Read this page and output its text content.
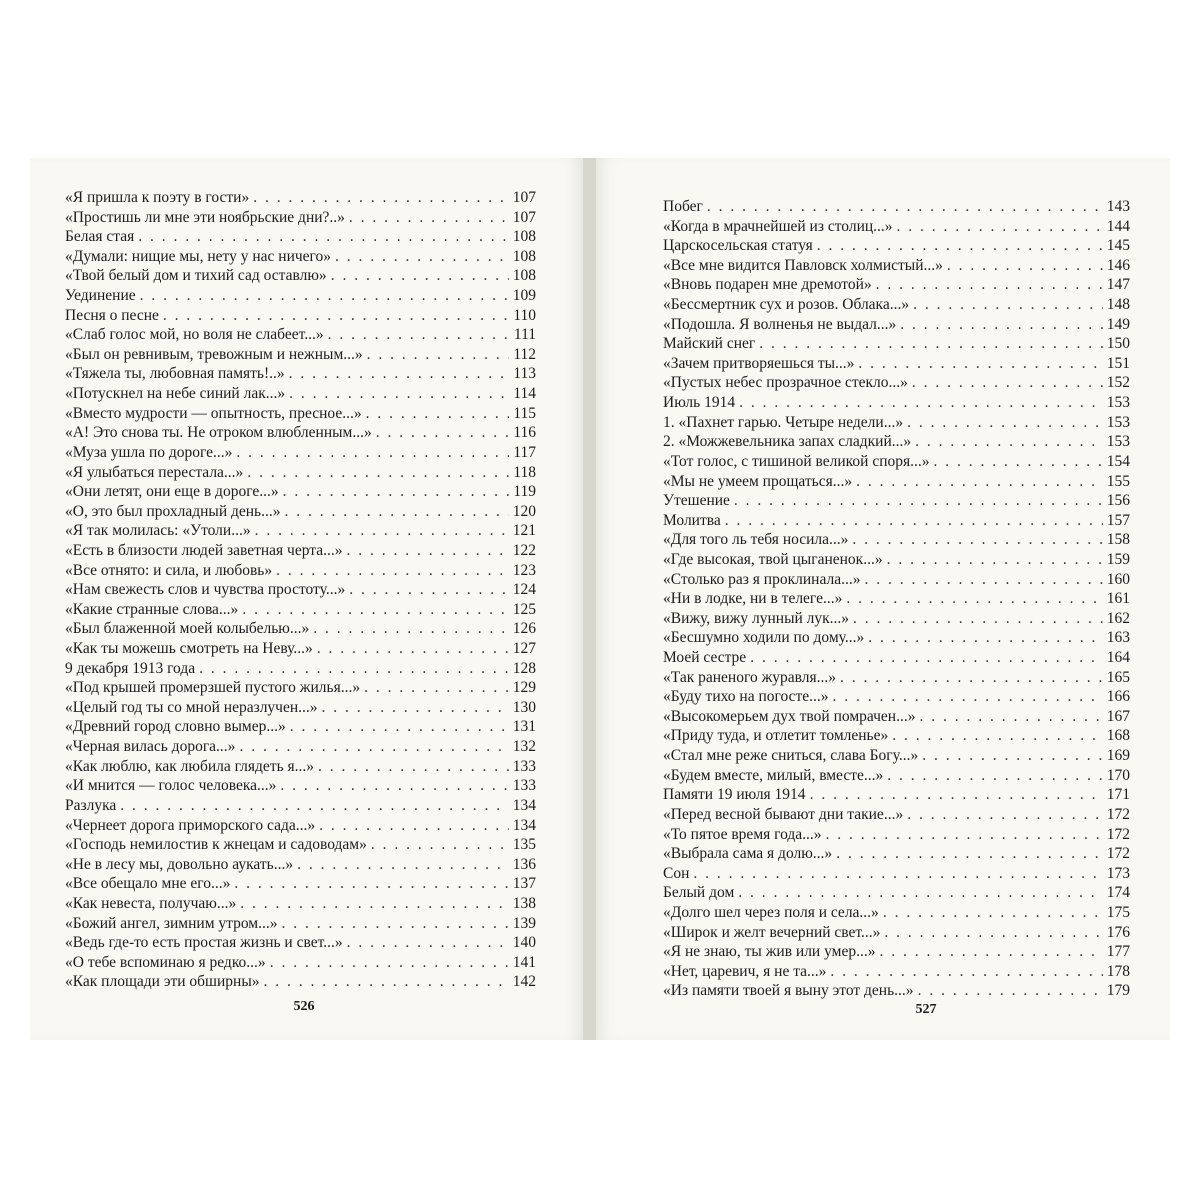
«Я пришла к поэту в гости» . . .	107
«Простишь ли мне эти ноябрьские дни?..» . . .	107
Белая стая . . .	108
«Думали: нищие мы, нету у нас ничего» . . .	108
«Твой белый дом и тихий сад оставлю» . . .	108
Уединение . . .	109
Песня о песне . . .	110
«Слаб голос мой, но воля не слабеет...» . . .	111
«Был он ревнивым, тревожным и нежным...» . . .	112
«Тяжела ты, любовная память!..» . . .	113
«Потускнел на небе синий лак...» . . .	114
«Вместо мудрости — опытность, пресное...» . . .	115
«А! Это снова ты. Не отроком влюбленным...» . . .	116
«Муза ушла по дороге...» . . .	117
«Я улыбаться перестала...» . . .	118
«Они летят, они еще в дороге...» . . .	119
«О, это был прохладный день...» . . .	120
«Я так молилась: «Утоли...» . . .	121
«Есть в близости людей заветная черта...» . . .	122
«Все отнято: и сила, и любовь» . . .	123
«Нам свежесть слов и чувства простоту...» . . .	124
«Какие странные слова...» . . .	125
«Был блаженной моей колыбелью...» . . .	126
«Как ты можешь смотреть на Неву...» . . .	127
9 декабря 1913 года . . .	128
«Под крышей промерзшей пустого жилья...» . . .	129
«Целый год ты со мной неразлучен...» . . .	130
«Древний город словно вымер...» . . .	131
«Черная вилась дорога...» . . .	132
«Как люблю, как любила глядеть я...» . . .	133
«И мнится — голос человека...» . . .	133
Разлука . . .	134
«Чернеет дорога приморского сада...» . . .	134
«Господь немилостив к жнецам и садоводам» . . .	135
«Не в лесу мы, довольно аукать...» . . .	136
«Все обещало мне его...» . . .	137
«Как невеста, получаю...» . . .	138
«Божий ангел, зимним утром...» . . .	139
«Ведь где-то есть простая жизнь и свет...» . . .	140
«О тебе вспоминаю я редко...» . . .	141
«Как площади эти обширны» . . .	142
526
Побег . . .	143
«Когда в мрачнейшей из столиц...» . . .	144
Царскосельская статуя . . .	145
«Все мне видится Павловск холмистый...» . . .	146
«Вновь подарен мне дремотой» . . .	147
«Бессмертник сух и розов. Облака...» . . .	148
«Подошла. Я волненья не выдал...» . . .	149
Майский снег . . .	150
«Зачем притворяешься ты...» . . .	151
«Пустых небес прозрачное стекло...» . . .	152
Июль 1914 . . .	153
1. «Пахнет гарью. Четыре недели...» . . .	153
2. «Можжевельника запах сладкий...» . . .	153
«Тот голос, с тишиной великой споря...» . . .	154
«Мы не умеем прощаться...» . . .	155
Утешение . . .	156
Молитва . . .	157
«Для того ль тебя носила...» . . .	158
«Где высокая, твой цыганенок...» . . .	159
«Столько раз я проклинала...» . . .	160
«Ни в лодке, ни в телеге...» . . .	161
«Вижу, вижу лунный лук...» . . .	162
«Бесшумно ходили по дому...» . . .	163
Моей сестре . . .	164
«Так раненого журавля...» . . .	165
«Буду тихо на погосте...» . . .	166
«Высокомерьем дух твой помрачен...» . . .	167
«Приду туда, и отлетит томленье» . . .	168
«Стал мне реже сниться, слава Богу...» . . .	169
«Будем вместе, милый, вместе...» . . .	170
Памяти 19 июля 1914 . . .	171
«Перед весной бывают дни такие...» . . .	172
«То пятое время года...» . . .	172
«Выбрала сама я долю...» . . .	172
Сон . . .	173
Белый дом . . .	174
«Долго шел через поля и села...» . . .	175
«Широк и желт вечерний свет...» . . .	176
«Я не знаю, ты жив или умер...» . . .	177
«Нет, царевич, я не та...» . . .	178
«Из памяти твоей я выну этот день...» . . .	179
527
